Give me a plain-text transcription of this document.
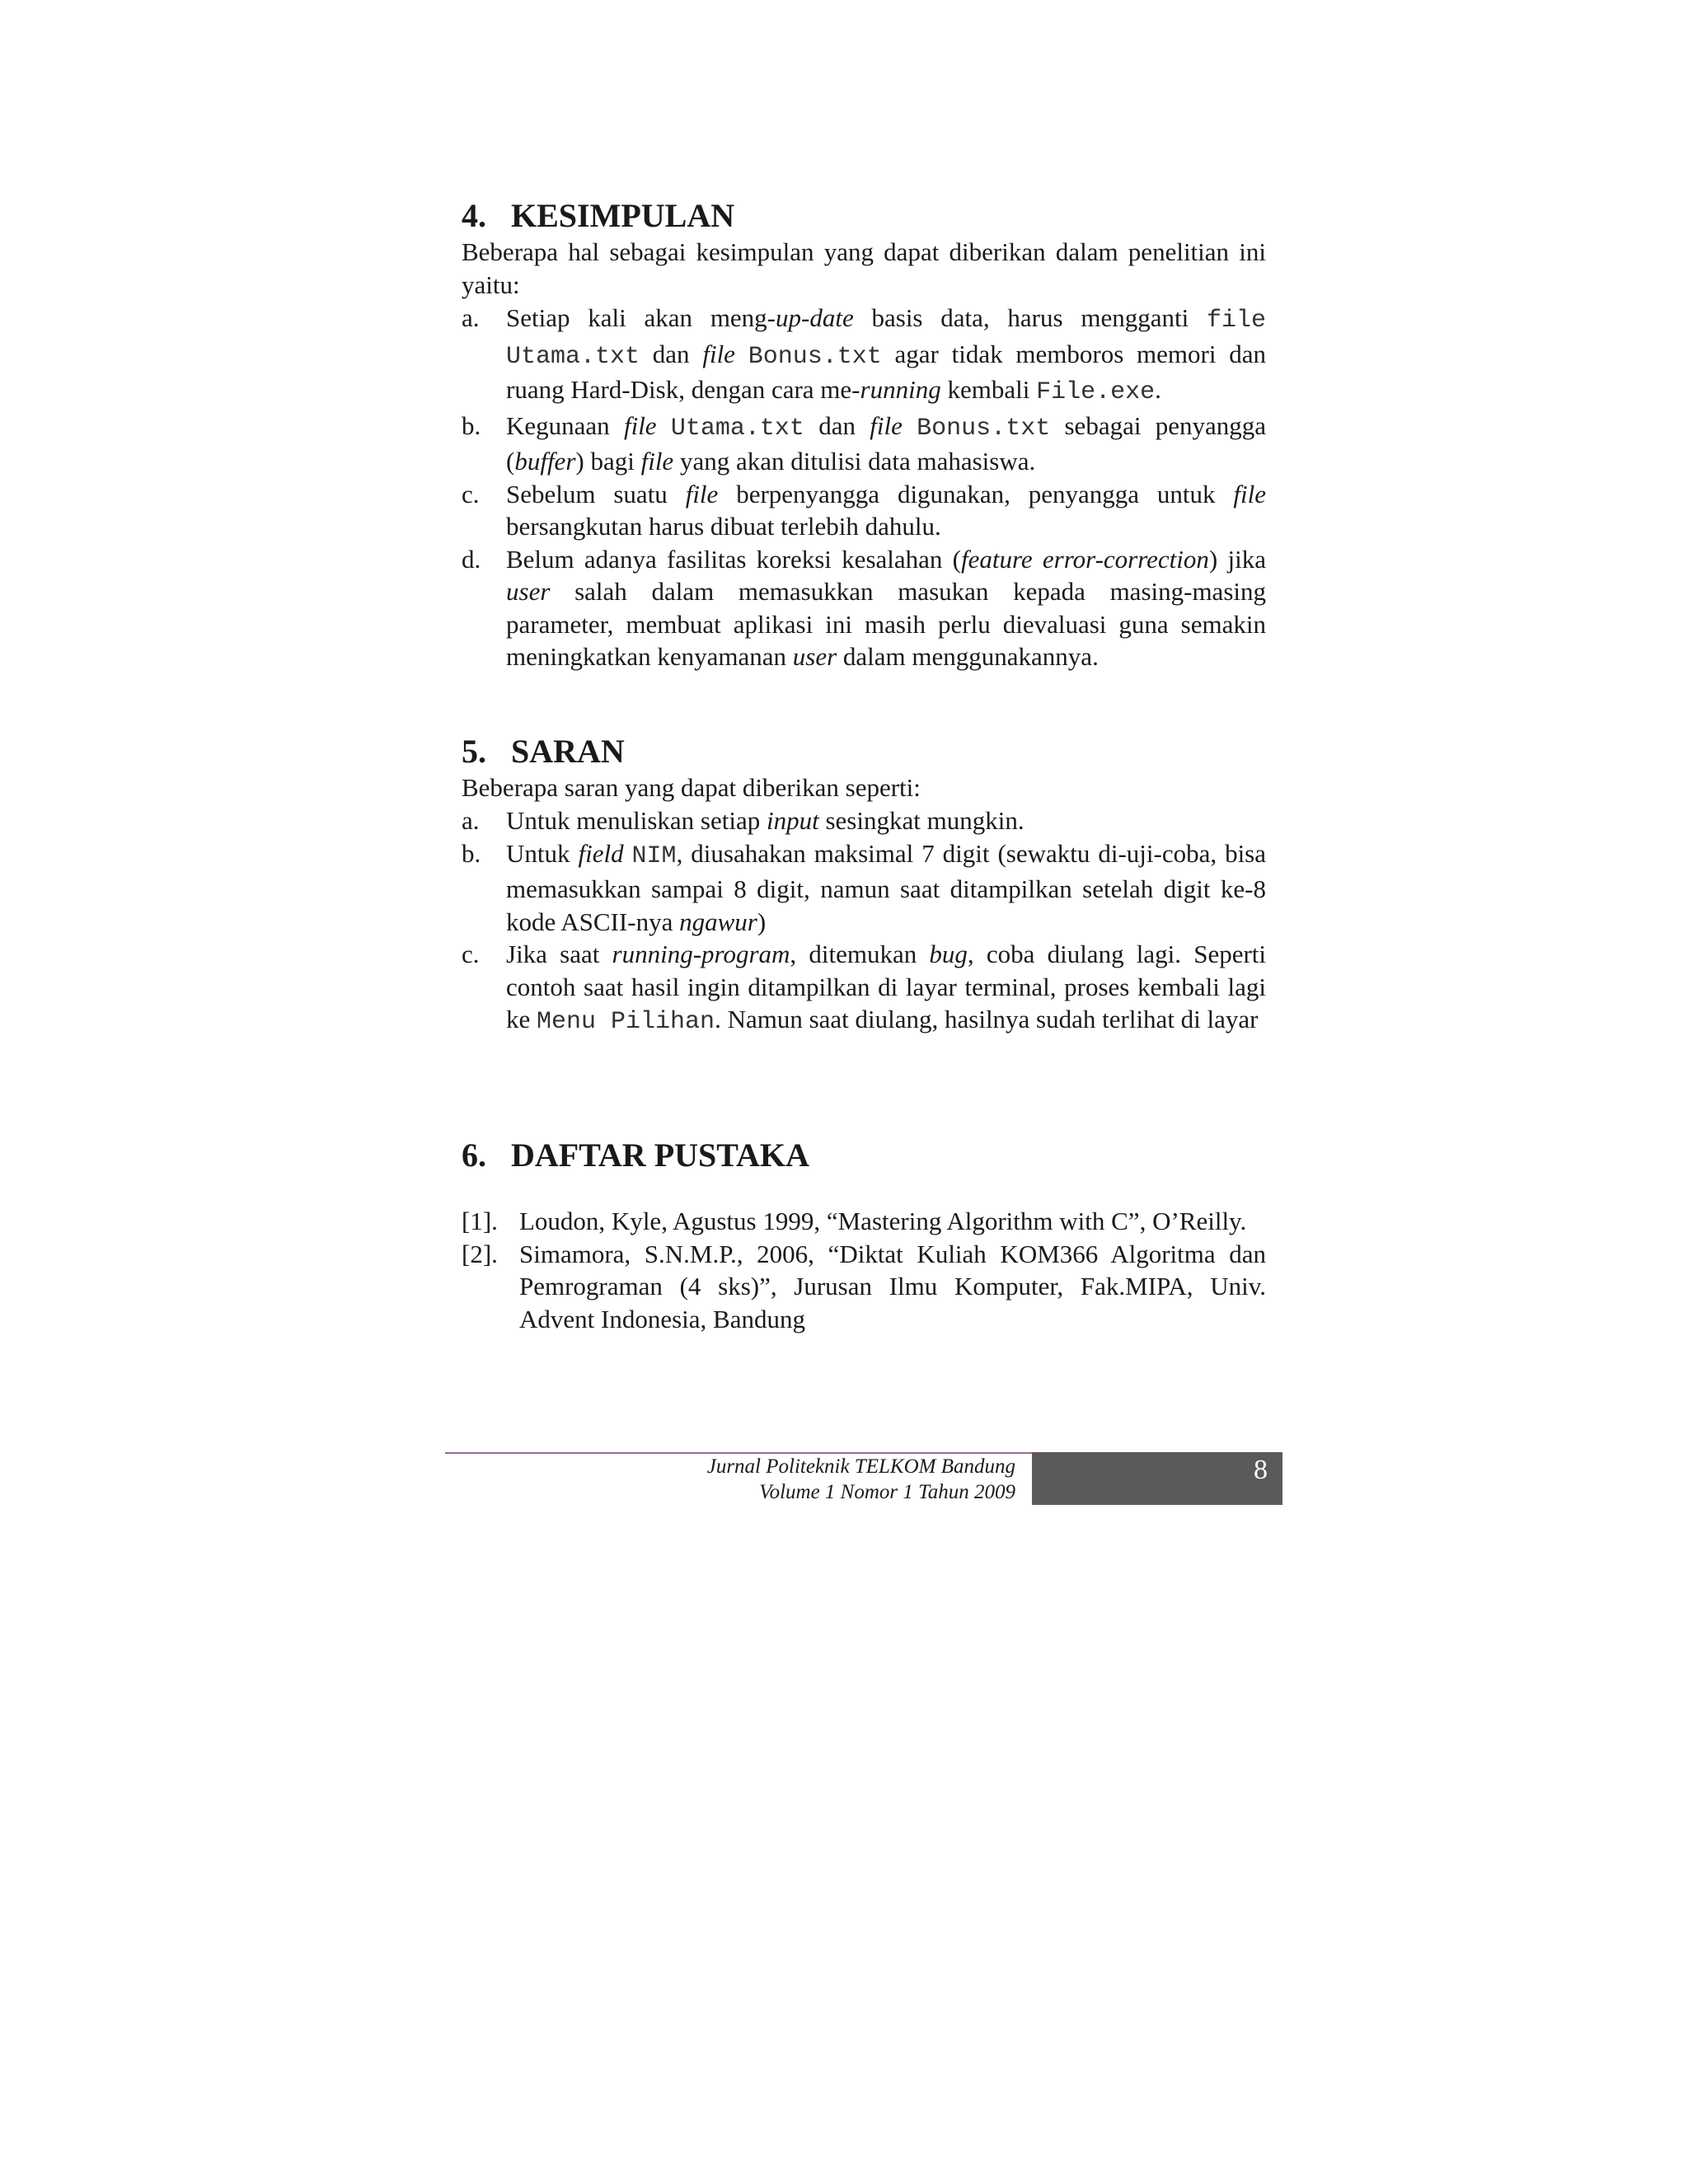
4. KESIMPULAN

Beberapa hal sebagai kesimpulan yang dapat diberikan dalam penelitian ini yaitu:

a. Setiap kali akan meng-up-date basis data, harus mengganti file Utama.txt dan file Bonus.txt agar tidak memboros memori dan ruang Hard-Disk, dengan cara me-running kembali File.exe.
b. Kegunaan file Utama.txt dan file Bonus.txt sebagai penyangga (buffer) bagi file yang akan ditulisi data mahasiswa.
c. Sebelum suatu file berpenyangga digunakan, penyangga untuk file bersangkutan harus dibuat terlebih dahulu.
d. Belum adanya fasilitas koreksi kesalahan (feature error-correction) jika user salah dalam memasukkan masukan kepada masing-masing parameter, membuat aplikasi ini masih perlu dievaluasi guna semakin meningkatkan kenyamanan user dalam menggunakannya.
5. SARAN

Beberapa saran yang dapat diberikan seperti:

a. Untuk menuliskan setiap input sesingkat mungkin.
b. Untuk field NIM, diusahakan maksimal 7 digit (sewaktu di-uji-coba, bisa memasukkan sampai 8 digit, namun saat ditampilkan setelah digit ke-8 kode ASCII-nya ngawur)
c. Jika saat running-program, ditemukan bug, coba diulang lagi. Seperti contoh saat hasil ingin ditampilkan di layar terminal, proses kembali lagi ke Menu Pilihan. Namun saat diulang, hasilnya sudah terlihat di layar
6. DAFTAR PUSTAKA
[1]. Loudon, Kyle, Agustus 1999, “Mastering Algorithm with C”, O’Reilly.
[2]. Simamora, S.N.M.P., 2006, “Diktat Kuliah KOM366 Algoritma dan Pemrograman (4 sks)”, Jurusan Ilmu Komputer, Fak.MIPA, Univ. Advent Indonesia, Bandung
Jurnal Politeknik TELKOM Bandung
Volume 1 Nomor 1 Tahun 2009
8
